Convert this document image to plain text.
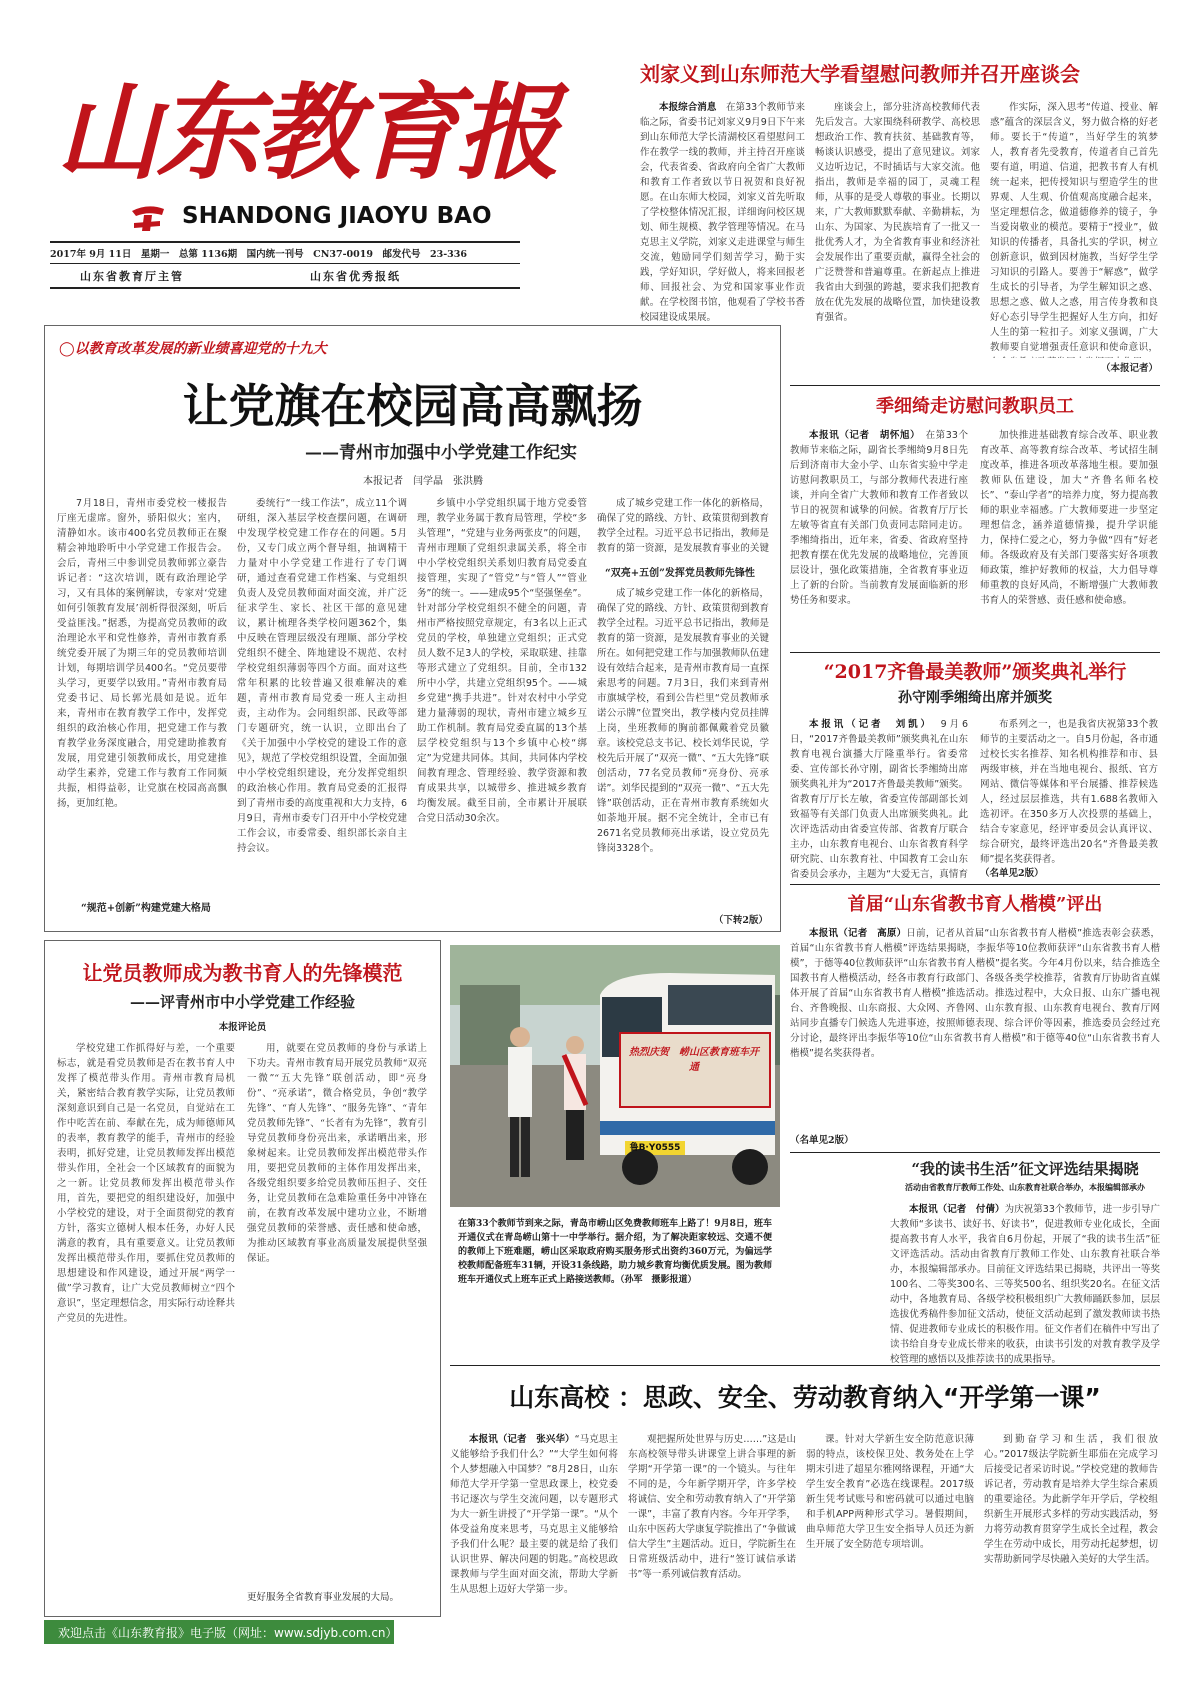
山东教育报
SHANDONG JIAOYU BAO
2017年 9月 11日　星期一　总第 1136期　国内统一刊号　CN37-0019　邮发代号　23-336
山东省教育厅主管	山东省优秀报纸
刘家义到山东师范大学看望慰问教师并召开座谈会

本报综合消息　 在第33个教师节来临之际，省委书记刘家义9月9日下午来到山东师范大学长清湖校区看望慰问工作在教学一线的教师，并主持召开座谈会，代表省委、省政府向全省广大教师和教育工作者致以节日祝贺和良好祝愿。在山东师大校园，刘家义首先听取了学校整体情况汇报，详细询问校区规划、师生规模、教学管理等情况。在马克思主义学院，刘家义走进课堂与师生交流，勉励同学们刻苦学习，勤于实践，学好知识，学好做人，将来回报老师、回报社会、为党和国家事业作贡献。在学校图书馆，他观看了学校书香校园建设成果展。

座谈会上，部分驻济高校教师代表先后发言。大家围绕科研教学、高校思想政治工作、教育扶贫、基础教育等，畅谈认识感受，提出了意见建议。刘家义边听边记，不时插话与大家交流。他指出，教师是幸福的园丁，灵魂工程师，从事的是受人尊敬的事业。长期以来，广大教师默默奉献、辛勤耕耘，为山东、为国家、为民族培育了一批又一批优秀人才，为全省教育事业和经济社会发展作出了重要贡献，赢得全社会的广泛赞誉和普遍尊重。在新起点上推进我省由大到强的跨越，要求我们把教育放在优先发展的战略位置，加快建设教育强省。

作实际，深入思考“传道、授业、解惑”蕴含的深层含义，努力做合格的好老师。要长于“传道”，当好学生的筑梦人，教育者先受教育，传道者自己首先要有道，明道、信道，把教书育人有机统一起来，把传授知识与塑造学生的世界观、人生观、价值观高度融合起来，坚定理想信念，做道德修养的镜子，争当爱岗敬业的模范。要精于“授业”，做知识的传播者，具备扎实的学识，树立创新意识，做到因材施教，当好学生学习知识的引路人。要善于“解惑”，做学生成长的引导者，为学生解知识之惑、思想之惑、做人之惑，用言传身教和良好心态引导学生把握好人生方向，扣好人生的第一粒扣子。刘家义强调，广大教师要自觉增强责任意识和使命意识，

（本报记者）
◯以教育改革发展的新业绩喜迎党的十九大
让党旗在校园高高飘扬
——青州市加强中小学党建工作纪实
本报记者　闫学晶　张洪腾

7月18日，青州市委党校一楼报告厅座无虚席。窗外，骄阳似火；室内，清静如水。该市400名党员教师正在聚精会神地聆听中小学党建工作报告会。会后，青州三中参训党员教师郭立豪告诉记者：“这次培训，既有政治理论学习，又有具体的案例解读，专家对‘党建如何引领教育发展’剖析得很深刻，听后受益匪浅。”据悉，为提高党员教师的政治理论水平和党性修养，青州市教育系统党委开展了为期三年的党员教师培训计划，每期培训学员400名。“党员要带头学习，更要学以致用。”青州市教育局党委书记、局长郭光晨如是说。近年来，青州市在教育教学工作中，发挥党组织的政治核心作用，把党建工作与教育教学业务深度融合，用党建助推教育发展，用党建引领教师成长，用党建推动学生素养，党建工作与教育工作同频共振，相得益彰，让党旗在校园高高飘扬，更加红艳。

“规范+创新”构建党建大格局

委统行“一线工作法”，成立11个调研组，深入基层学校查摆问题，在调研中发现学校党建工作存在的问题。5月份，又专门成立两个督导组，抽调精干力量对中小学党建工作进行了专门调研，通过查看党建工作档案、与党组织负责人及党员教师面对面交流，并广泛征求学生、家长、社区干部的意见建议，累计梳理各类学校问题362个，集中反映在管理层级没有理顺、部分学校党组织不健全、阵地建设不规范、农村学校党组织薄弱等四个方面。面对这些常年积累的比较普遍又很难解决的难题，青州市教育局党委一班人主动担责，主动作为。会同组织部、民政等部门专题研究，统一认识，立即出台了《关于加强中小学校党的建设工作的意见》，规范了学校党组织设置，全面加强中小学校党组织建设，充分发挥党组织的政治核心作用。教育局党委的汇报得到了青州市委的高度重视和大力支持，6月9日，青州市委专门召开中小学校党建工作会议，市委常委、组织部长亲自主持会议。

乡镇中小学党组织属于地方党委管理，教学业务属于教育局管理，学校“多头管理”，“党建与业务两张皮”的问题，青州市理顺了党组织隶属关系，将全市中小学校党组织关系划归教育局党委直接管理，实现了“管党”与“管人”“管业务”的统一。——建成95个“坚强堡垒”。针对部分学校党组织不健全的问题，青州市严格按照党章规定，有3名以上正式党员的学校，单独建立党组织；正式党员人数不足3人的学校，采取联建、挂靠等形式建立了党组织。目前，全市132所中小学，共建立党组织95个。——城乡党建“携手共进”。针对农村中小学党建力量薄弱的现状，青州市建立城乡互助工作机制。教育局党委直属的13个基层学校党组织与13个乡镇中心校“绑定”为党建共同体。其间，共同体内学校间教育理念、管理经验、教学资源和教育成果共享，以城带乡、推进城乡教育均衡发展。截至目前，全市累计开展联合党日活动30余次。

成了城乡党建工作一体化的新格局，确保了党的路线、方针、政策贯彻到教育教学全过程。习近平总书记指出，教师是教育的第一资源，是发展教育事业的关键

“双亮+五创”发挥党员教师先锋性

成了城乡党建工作一体化的新格局，确保了党的路线、方针、政策贯彻到教育教学全过程。习近平总书记指出，教师是教育的第一资源，是发展教育事业的关键所在。如何把党建工作与加强教师队伍建设有效结合起来，是青州市教育局一直探索思考的问题。7月3日，我们来到青州市旗城学校，看到公告栏里“党员教师承诺公示牌”位置突出，教学楼内党员挂牌上岗，坐班教师的胸前都佩戴着党员徽章。该校党总支书记、校长刘华民说，学校先后开展了“双亮一微”、“五大先锋”联创活动，77名党员教师“亮身份、亮承诺”。刘华民提到的“双亮一微”、“五大先锋”联创活动，正在青州市教育系统如火如荼地开展。据不完全统计，全市已有2671名党员教师亮出承诺，设立党员先锋岗3328个。

（下转2版）
季细绮走访慰问教职员工

本报讯（记者　胡怀旭）　 在第33个教师节来临之际，副省长季缃绮9月8日先后到济南市大金小学、山东省实验中学走访慰问教职员工，与部分教师代表进行座谈，并向全省广大教师和教育工作者致以节日的祝贺和诚挚的问候。省教育厅厅长左敏等省直有关部门负责同志陪同走访。季缃绮指出，近年来，省委、省政府坚持把教育摆在优先发展的战略地位，完善顶层设计，强化政策措施，全省教育事业迈上了新的台阶。当前教育发展面临新的形势任务和要求。

加快推进基础教育综合改革、职业教育改革、高等教育综合改革、考试招生制度改革，推进各项改革落地生根。要加强教师队伍建设，加大“齐鲁名师名校长”、“泰山学者”的培养力度，努力提高教师的职业幸福感。广大教师要进一步坚定理想信念，涵养道德情操，提升学识能力，保持仁爱之心，努力争做“四有”好老师。各级政府及有关部门要落实好各项教师政策，维护好教师的权益，大力倡导尊师重教的良好风尚，不断增强广大教师教书育人的荣誉感、责任感和使命感。

“2017齐鲁最美教师”颁奖典礼举行
孙守刚季缃绮出席并颁奖

本报讯（记者　刘凯）　 9月6日，“2017齐鲁最美教师”颁奖典礼在山东教育电视台演播大厅隆重举行。省委常委、宣传部长孙守刚，副省长季缃绮出席颁奖典礼并为“2017齐鲁最美教师”颁奖。省教育厅厅长左敏，省委宣传部副部长刘致福等有关部门负责人出席颁奖典礼。此次评选活动由省委宣传部、省教育厅联合主办，山东教育电视台、山东省教育科学研究院、山东教育社、中国教育工会山东省委员会承办，主题为“大爱无言，真情育

布系列之一，也是我省庆祝第33个教师节的主要活动之一。自5月份起，各市通过校长实名推荐、知名机构推荐和市、县两级审核，并在当地电视台、报纸、官方网站、微信等媒体和平台展播、推荐候选人，经过层层推选，共有1.688名教师入选初评。在350多万人次投票的基础上，结合专家意见，经评审委员会认真评议、综合研究，最终评选出20名“齐鲁最美教师”提名奖获得者。

（名单见2版）
首届“山东省教书育人楷模”评出

本报讯（记者　高原）日前，记者从首届“山东省教书育人楷模”推选表彰会获悉，首届“山东省教书育人楷模”评选结果揭晓，李振华等10位教师获评“山东省教书育人楷模”，于德等40位教师获评“山东省教书育人楷模”提名奖。今年4月份以来，结合推选全国教书育人楷模活动，经各市教育行政部门、各级各类学校推荐，省教育厅协助省直媒体开展了首届“山东省教书育人楷模”推选活动。推选过程中，大众日报、山东广播电视台、齐鲁晚报、山东商报、大众网、齐鲁网、山东教育报、山东教育电视台、教育厅网站同步直播专门候选人先进事迹，按照师德表现、综合评价等因素，推选委员会经过充分讨论，最终评出李振华等10位“山东省教书育人楷模”和于德等40位“山东省教书育人楷模”提名奖获得者。

（名单见2版）
“我的读书生活”征文评选结果揭晓
活动由省教育厅教师工作处、山东教育社联合举办，本报编辑部承办

本报讯（记者　付倩）为庆祝第33个教师节，进一步引导广大教师“多读书、读好书、好读书”，促进教师专业化成长，全面提高教书育人水平，我省自6月份起，开展了“我的读书生活”征文评选活动。活动由省教育厅教师工作处、山东教育社联合举办，本报编辑部承办。目前征文评选结果已揭晓，共评出一等奖100名、二等奖300名、三等奖500名、组织奖20名。在征文活动中，各地教育局、各级学校积极组织广大教师踊跃参加，层层选拔优秀稿件参加征文活动，使征文活动起到了激发教师读书热情、促进教师专业成长的积极作用。征文作者们在稿件中写出了读书给自身专业成长带来的收获，由读书引发的对教育教学及学校管理的感悟以及推荐读书的成果指导。

让党员教师成为教书育人的先锋模范
——评青州市中小学党建工作经验
本报评论员

学校党建工作抓得好与差，一个重要标志，就是看党员教师是否在教书育人中发挥了模范带头作用。青州市教育局机关，紧密结合教育教学实际，让党员教师深刻意识到自己是一名党员，自觉站在工作中吃苦在前、奉献在先，成为师德师风的表率，教育教学的能手，青州市的经验表明，抓好党建，让党员教师发挥出模范带头作用，全社会一个区域教育的面貌为之一新。让党员教师发挥出模范带头作用，首先，要把党的组织建设好，加强中小学校党的建设，对于全面贯彻党的教育方针，落实立德树人根本任务，办好人民满意的教育，具有重要意义。让党员教师发挥出模范带头作用，要抓住党员教师的思想建设和作风建设，通过开展“两学一做”学习教育，让广大党员教师树立“四个意识”，坚定理想信念，用实际行动诠释共产党员的先进性。

用，就要在党员教师的身份与承诺上下功夫。青州市教育局开展党员教师“双亮一微”“五大先锋”联创活动，即“亮身份”、“亮承诺”，微合格党员，争创“教学先锋”、“育人先锋”、“服务先锋”、“青年党员教师先锋”、“长者有为先锋”，教育引导党员教师身份亮出来，承诺晒出来，形象树起来。让党员教师发挥出模范带头作用，要把党员教师的主体作用发挥出来，各级党组织要多给党员教师压担子、交任务，让党员教师在急难险重任务中冲锋在前，在教育改革发展中建功立业，不断增强党员教师的荣誉感、责任感和使命感，为推动区域教育事业高质量发展提供坚强保证。

更好服务全省教育事业发展的大局。
热烈庆贺　崂山区教育班车开通
鲁B·Y0555
在第33个教师节到来之际，青岛市崂山区免费教师班车上路了！9月8日，班车开通仪式在青岛崂山第十一中学举行。据介绍，为了解决距家较远、交通不便的教师上下班难题，崂山区采取政府购买服务形式出资约360万元，为偏远学校教师配备班车31辆，开设31条线路，助力城乡教育均衡优质发展。图为教师班车开通仪式上班车正式上路接送教师。（孙军　摄影报道）
山东高校 ：思政、安全、劳动教育纳入“开学第一课”

本报讯（记者　张兴华）“马克思主义能够给予我们什么？”“大学生如何将个人梦想融入中国梦？”8月28日，山东师范大学开学第一堂思政课上，校党委书记逐次与学生交流问题，以专题形式为大一新生讲授了“开学第一课”。“从个体受益角度来思考，马克思主义能够给予我们什么呢？最主要的就是给了我们认识世界、解决问题的钥匙。”高校思政课教师与学生面对面交流，帮助大学新生从思想上迈好大学第一步。

观把握所处世界与历史……”这是山东高校领导带头讲课堂上讲合事理的新学期“开学第一课”的一个镜头。与往年不同的是，今年新学期开学，许多学校将诚信、安全和劳动教育纳入了“开学第一课”，丰富了教育内容。今年开学季，山东中医药大学康复学院推出了“争做诚信大学生”主题活动。近日，学院新生在日常班级活动中，进行“签订诚信承诺书”等一系列诚信教育活动。

课。针对大学新生安全防范意识薄弱的特点，该校保卫处、教务处在上学期末引进了超星尔雅网络课程，开通“大学生安全教育”必选在线课程。2017级新生凭考试账号和密码就可以通过电脑和手机APP两种形式学习。暑假期间，曲阜师范大学卫生安全指导人员还为新生开展了安全防范专项培训。

到勤奋学习和生活，我们很放心。”2017级法学院新生耶茄在完成学习后接受记者采访时说。”学校党建的教师告诉记者，劳动教育是培养大学生综合素质的重要途径。为此新学年开学后，学校组织新生开展形式多样的劳动实践活动，努力将劳动教育贯穿学生成长全过程，教会学生在劳动中成长，用劳动托起梦想，切实帮助新同学尽快融入美好的大学生活。

欢迎点击《山东教育报》电子版（网址：www.sdjyb.com.cn）
